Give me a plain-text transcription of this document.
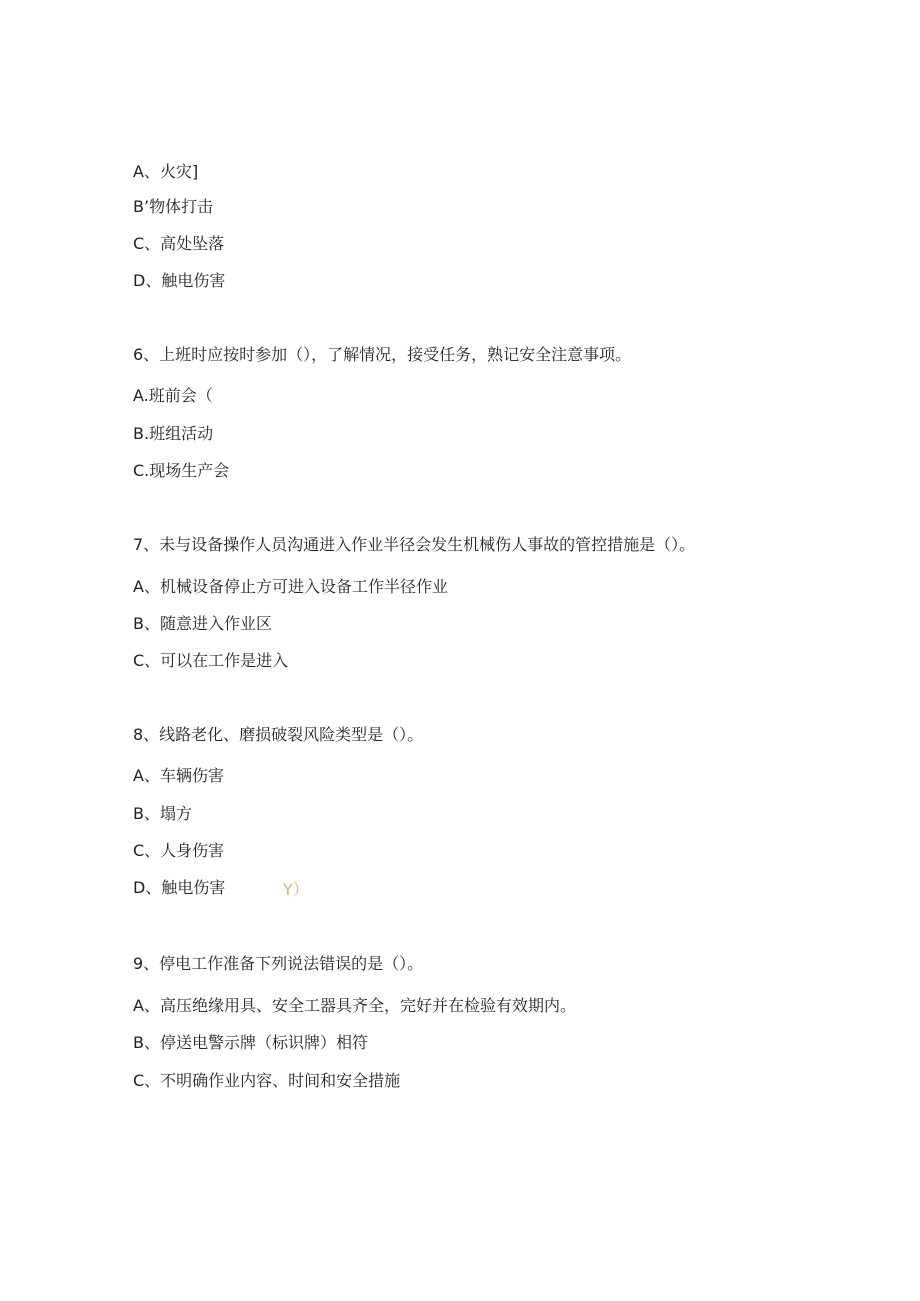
A、火灾]
B’物体打击
C、高处坠落
D、触电伤害
6、上班时应按时参加（），了解情况，接受任务，熟记安全注意事项。
A.班前会（
B.班组活动
C.现场生产会
7、未与设备操作人员沟通进入作业半径会发生机械伤人事故的管控措施是（）。
A、机械设备停止方可进入设备工作半径作业
B、随意进入作业区
C、可以在工作是进入
8、线路老化、磨损破裂风险类型是（）。
A、车辆伤害
B、塌方
C、人身伤害
D、触电伤害	Y）
9、停电工作准备下列说法错误的是（）。
A、高压绝缘用具、安全工器具齐全，完好并在检验有效期内。
B、停送电警示牌（标识牌）相符
C、不明确作业内容、时间和安全措施
